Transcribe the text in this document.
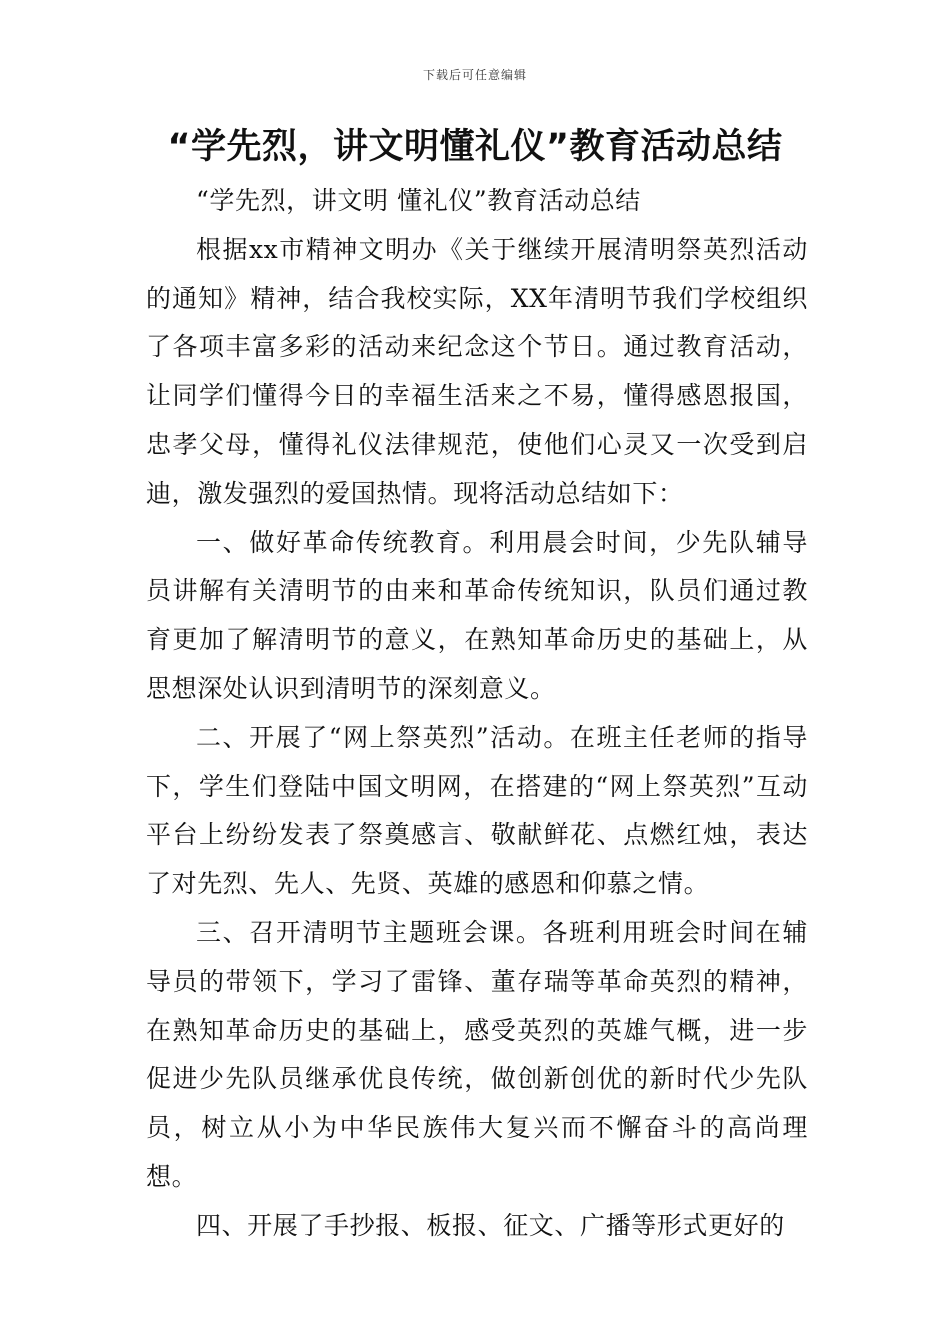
下载后可任意编辑
“学先烈，讲文明懂礼仪”教育活动总结

“学先烈，讲文明 懂礼仪”教育活动总结

根据xx市精神文明办《关于继续开展清明祭英烈活动的通知》精神，结合我校实际，XX年清明节我们学校组织了各项丰富多彩的活动来纪念这个节日。通过教育活动，让同学们懂得今日的幸福生活来之不易，懂得感恩报国，忠孝父母，懂得礼仪法律规范，使他们心灵又一次受到启迪，激发强烈的爱国热情。现将活动总结如下：

一、做好革命传统教育。利用晨会时间，少先队辅导员讲解有关清明节的由来和革命传统知识，队员们通过教育更加了解清明节的意义，在熟知革命历史的基础上，从思想深处认识到清明节的深刻意义。

二、开展了“网上祭英烈”活动。在班主任老师的指导下，学生们登陆中国文明网，在搭建的“网上祭英烈”互动平台上纷纷发表了祭奠感言、敬献鲜花、点燃红烛，表达了对先烈、先人、先贤、英雄的感恩和仰慕之情。

三、召开清明节主题班会课。各班利用班会时间在辅导员的带领下，学习了雷锋、董存瑞等革命英烈的精神，在熟知革命历史的基础上，感受英烈的英雄气概，进一步促进少先队员继承优良传统，做创新创优的新时代少先队员，树立从小为中华民族伟大复兴而不懈奋斗的高尚理想。

四、开展了手抄报、板报、征文、广播等形式更好的
